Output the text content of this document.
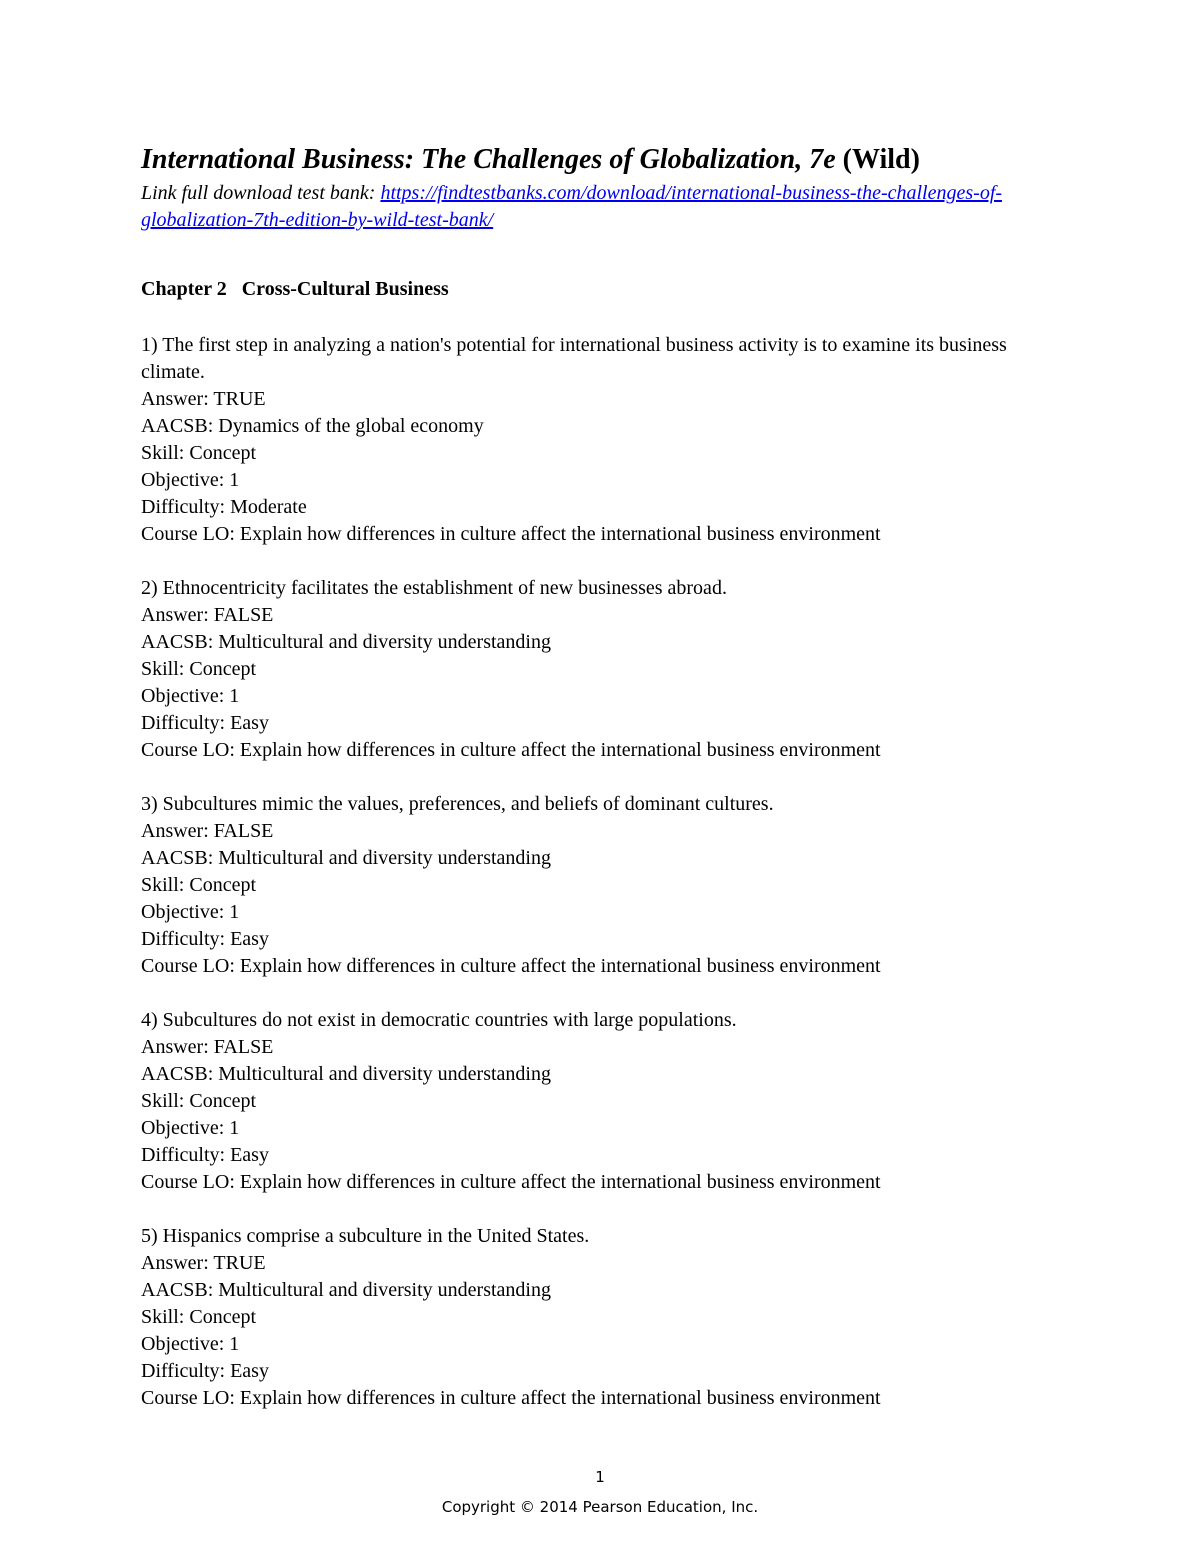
International Business: The Challenges of Globalization, 7e (Wild)

Link full download test bank: https://findtestbanks.com/download/international-business-the-challenges-of-globalization-7th-edition-by-wild-test-bank/

Chapter 2   Cross-Cultural Business

1) The first step in analyzing a nation's potential for international business activity is to examine its business climate.

Answer: TRUE

AACSB: Dynamics of the global economy

Skill: Concept

Objective: 1

Difficulty: Moderate

Course LO: Explain how differences in culture affect the international business environment

2) Ethnocentricity facilitates the establishment of new businesses abroad.

Answer: FALSE

AACSB: Multicultural and diversity understanding

Skill: Concept

Objective: 1

Difficulty: Easy

Course LO: Explain how differences in culture affect the international business environment

3) Subcultures mimic the values, preferences, and beliefs of dominant cultures.

Answer: FALSE

AACSB: Multicultural and diversity understanding

Skill: Concept

Objective: 1

Difficulty: Easy

Course LO: Explain how differences in culture affect the international business environment

4) Subcultures do not exist in democratic countries with large populations.

Answer: FALSE

AACSB: Multicultural and diversity understanding

Skill: Concept

Objective: 1

Difficulty: Easy

Course LO: Explain how differences in culture affect the international business environment

5) Hispanics comprise a subculture in the United States.

Answer: TRUE

AACSB: Multicultural and diversity understanding

Skill: Concept

Objective: 1

Difficulty: Easy

Course LO: Explain how differences in culture affect the international business environment

1
Copyright © 2014 Pearson Education, Inc.
